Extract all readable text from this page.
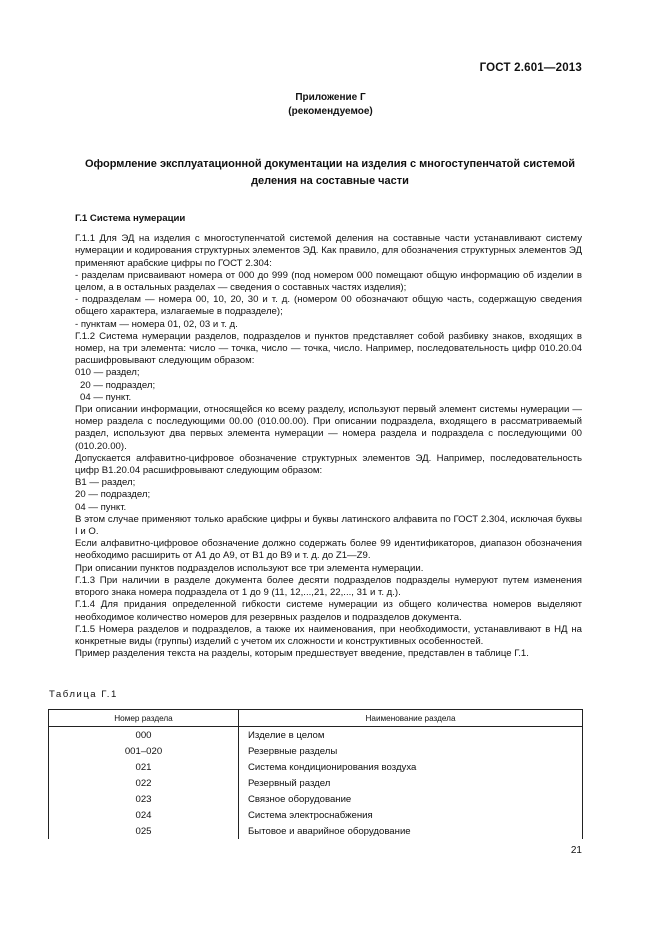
ГОСТ 2.601—2013
Приложение Г
(рекомендуемое)
Оформление эксплуатационной документации на изделия с многоступенчатой системой
деления на составные части

Г.1 Система нумерации

Г.1.1 Для ЭД на изделия с многоступенчатой системой деления на составные части устанавливают систему нумерации и кодирования структурных элементов ЭД. Как правило, для обозначения структурных элементов ЭД применяют арабские цифры по ГОСТ 2.304:

- разделам присваивают номера от 000 до 999 (под номером 000 помещают общую информацию об изделии в целом, а в остальных разделах — сведения о составных частях изделия);

- подразделам — номера 00, 10, 20, 30 и т. д. (номером 00 обозначают общую часть, содержащую сведения общего характера, излагаемые в подразделе);

- пунктам — номера 01, 02, 03 и т. д.

Г.1.2 Система нумерации разделов, подразделов и пунктов представляет собой разбивку знаков, входящих в номер, на три элемента: число — точка, число — точка, число. Например, последовательность цифр 010.20.04 расшифровывают следующим образом:

010 — раздел;

20 — подраздел;

04 — пункт.

При описании информации, относящейся ко всему разделу, используют первый элемент системы нумерации — номер раздела с последующими 00.00 (010.00.00). При описании подраздела, входящего в рассматриваемый раздел, используют два первых элемента нумерации — номера раздела и подраздела с последующими 00 (010.20.00).

Допускается алфавитно-цифровое обозначение структурных элементов ЭД. Например, последовательность цифр В1.20.04 расшифровывают следующим образом:

В1 — раздел;

20 — подраздел;

04 — пункт.

В этом случае применяют только арабские цифры и буквы латинского алфавита по ГОСТ 2.304, исключая буквы I и O.

Если алфавитно-цифровое обозначение должно содержать более 99 идентификаторов, диапазон обозначения необходимо расширить от А1 до А9, от В1 до В9 и т. д. до Z1—Z9.

При описании пунктов подразделов используют все три элемента нумерации.

Г.1.3 При наличии в разделе документа более десяти подразделов подразделы нумеруют путем изменения второго знака номера подраздела от 1 до 9 (11, 12,...,21, 22,..., 31 и т. д.).

Г.1.4 Для придания определенной гибкости системе нумерации из общего количества номеров выделяют необходимое количество номеров для резервных разделов и подразделов документа.

Г.1.5 Номера разделов и подразделов, а также их наименования, при необходимости, устанавливают в НД на конкретные виды (группы) изделий с учетом их сложности и конструктивных особенностей.

Пример разделения текста на разделы, которым предшествует введение, представлен в таблице Г.1.

Таблица Г.1
Номер раздела	Наименование раздела
000	Изделие в целом
001–020	Резервные разделы
021	Система кондиционирования воздуха
022	Резервный раздел
023	Связное оборудование
024	Система электроснабжения
025	Бытовое и аварийное оборудование
21
